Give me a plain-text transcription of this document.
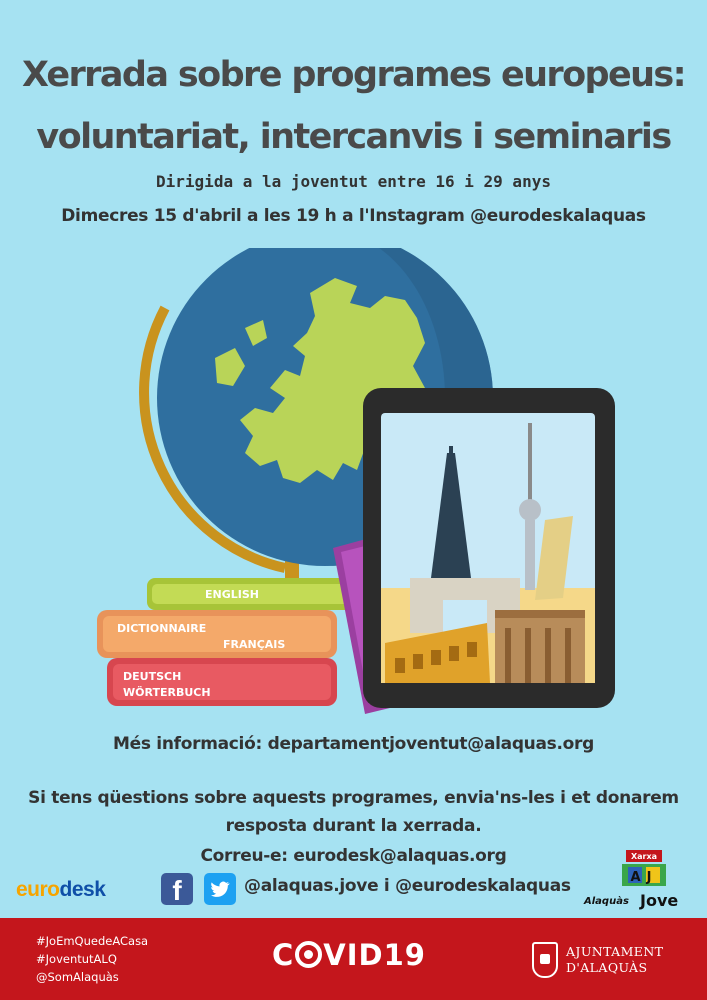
Xerrada sobre programes europeus:
voluntariat, intercanvis i seminaris
Dirigida a la joventut entre 16 i 29 anys
Dimecres 15 d'abril a les 19 h a l'Instagram @eurodeskalaquas
ENGLISH
DICTIONNAIRE
FRANÇAIS
DEUTSCH
WÖRTERBUCH
Més informació: departamentjoventut@alaquas.org
Si tens qüestions sobre aquests programes, envia'ns-les i et donarem
resposta durant la xerrada.
Correu-e: eurodesk@alaquas.org
eurodesk	f	@alaquas.jove i @eurodeskalaquas
Xarxa
AJ
Alaquàs Jove
#JoEmQuedeACasa
#JoventutALQ
@SomAlaquàs
C VID19	AJUNTAMENT
D'ALAQUÀS
